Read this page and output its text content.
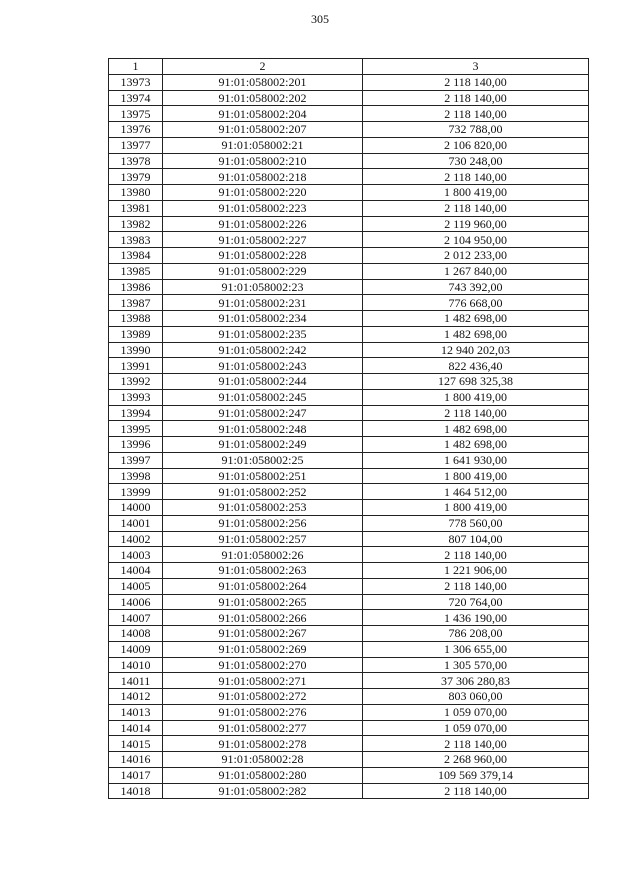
305
1	2	3
13973	91:01:058002:201	2 118 140,00
13974	91:01:058002:202	2 118 140,00
13975	91:01:058002:204	2 118 140,00
13976	91:01:058002:207	732 788,00
13977	91:01:058002:21	2 106 820,00
13978	91:01:058002:210	730 248,00
13979	91:01:058002:218	2 118 140,00
13980	91:01:058002:220	1 800 419,00
13981	91:01:058002:223	2 118 140,00
13982	91:01:058002:226	2 119 960,00
13983	91:01:058002:227	2 104 950,00
13984	91:01:058002:228	2 012 233,00
13985	91:01:058002:229	1 267 840,00
13986	91:01:058002:23	743 392,00
13987	91:01:058002:231	776 668,00
13988	91:01:058002:234	1 482 698,00
13989	91:01:058002:235	1 482 698,00
13990	91:01:058002:242	12 940 202,03
13991	91:01:058002:243	822 436,40
13992	91:01:058002:244	127 698 325,38
13993	91:01:058002:245	1 800 419,00
13994	91:01:058002:247	2 118 140,00
13995	91:01:058002:248	1 482 698,00
13996	91:01:058002:249	1 482 698,00
13997	91:01:058002:25	1 641 930,00
13998	91:01:058002:251	1 800 419,00
13999	91:01:058002:252	1 464 512,00
14000	91:01:058002:253	1 800 419,00
14001	91:01:058002:256	778 560,00
14002	91:01:058002:257	807 104,00
14003	91:01:058002:26	2 118 140,00
14004	91:01:058002:263	1 221 906,00
14005	91:01:058002:264	2 118 140,00
14006	91:01:058002:265	720 764,00
14007	91:01:058002:266	1 436 190,00
14008	91:01:058002:267	786 208,00
14009	91:01:058002:269	1 306 655,00
14010	91:01:058002:270	1 305 570,00
14011	91:01:058002:271	37 306 280,83
14012	91:01:058002:272	803 060,00
14013	91:01:058002:276	1 059 070,00
14014	91:01:058002:277	1 059 070,00
14015	91:01:058002:278	2 118 140,00
14016	91:01:058002:28	2 268 960,00
14017	91:01:058002:280	109 569 379,14
14018	91:01:058002:282	2 118 140,00
